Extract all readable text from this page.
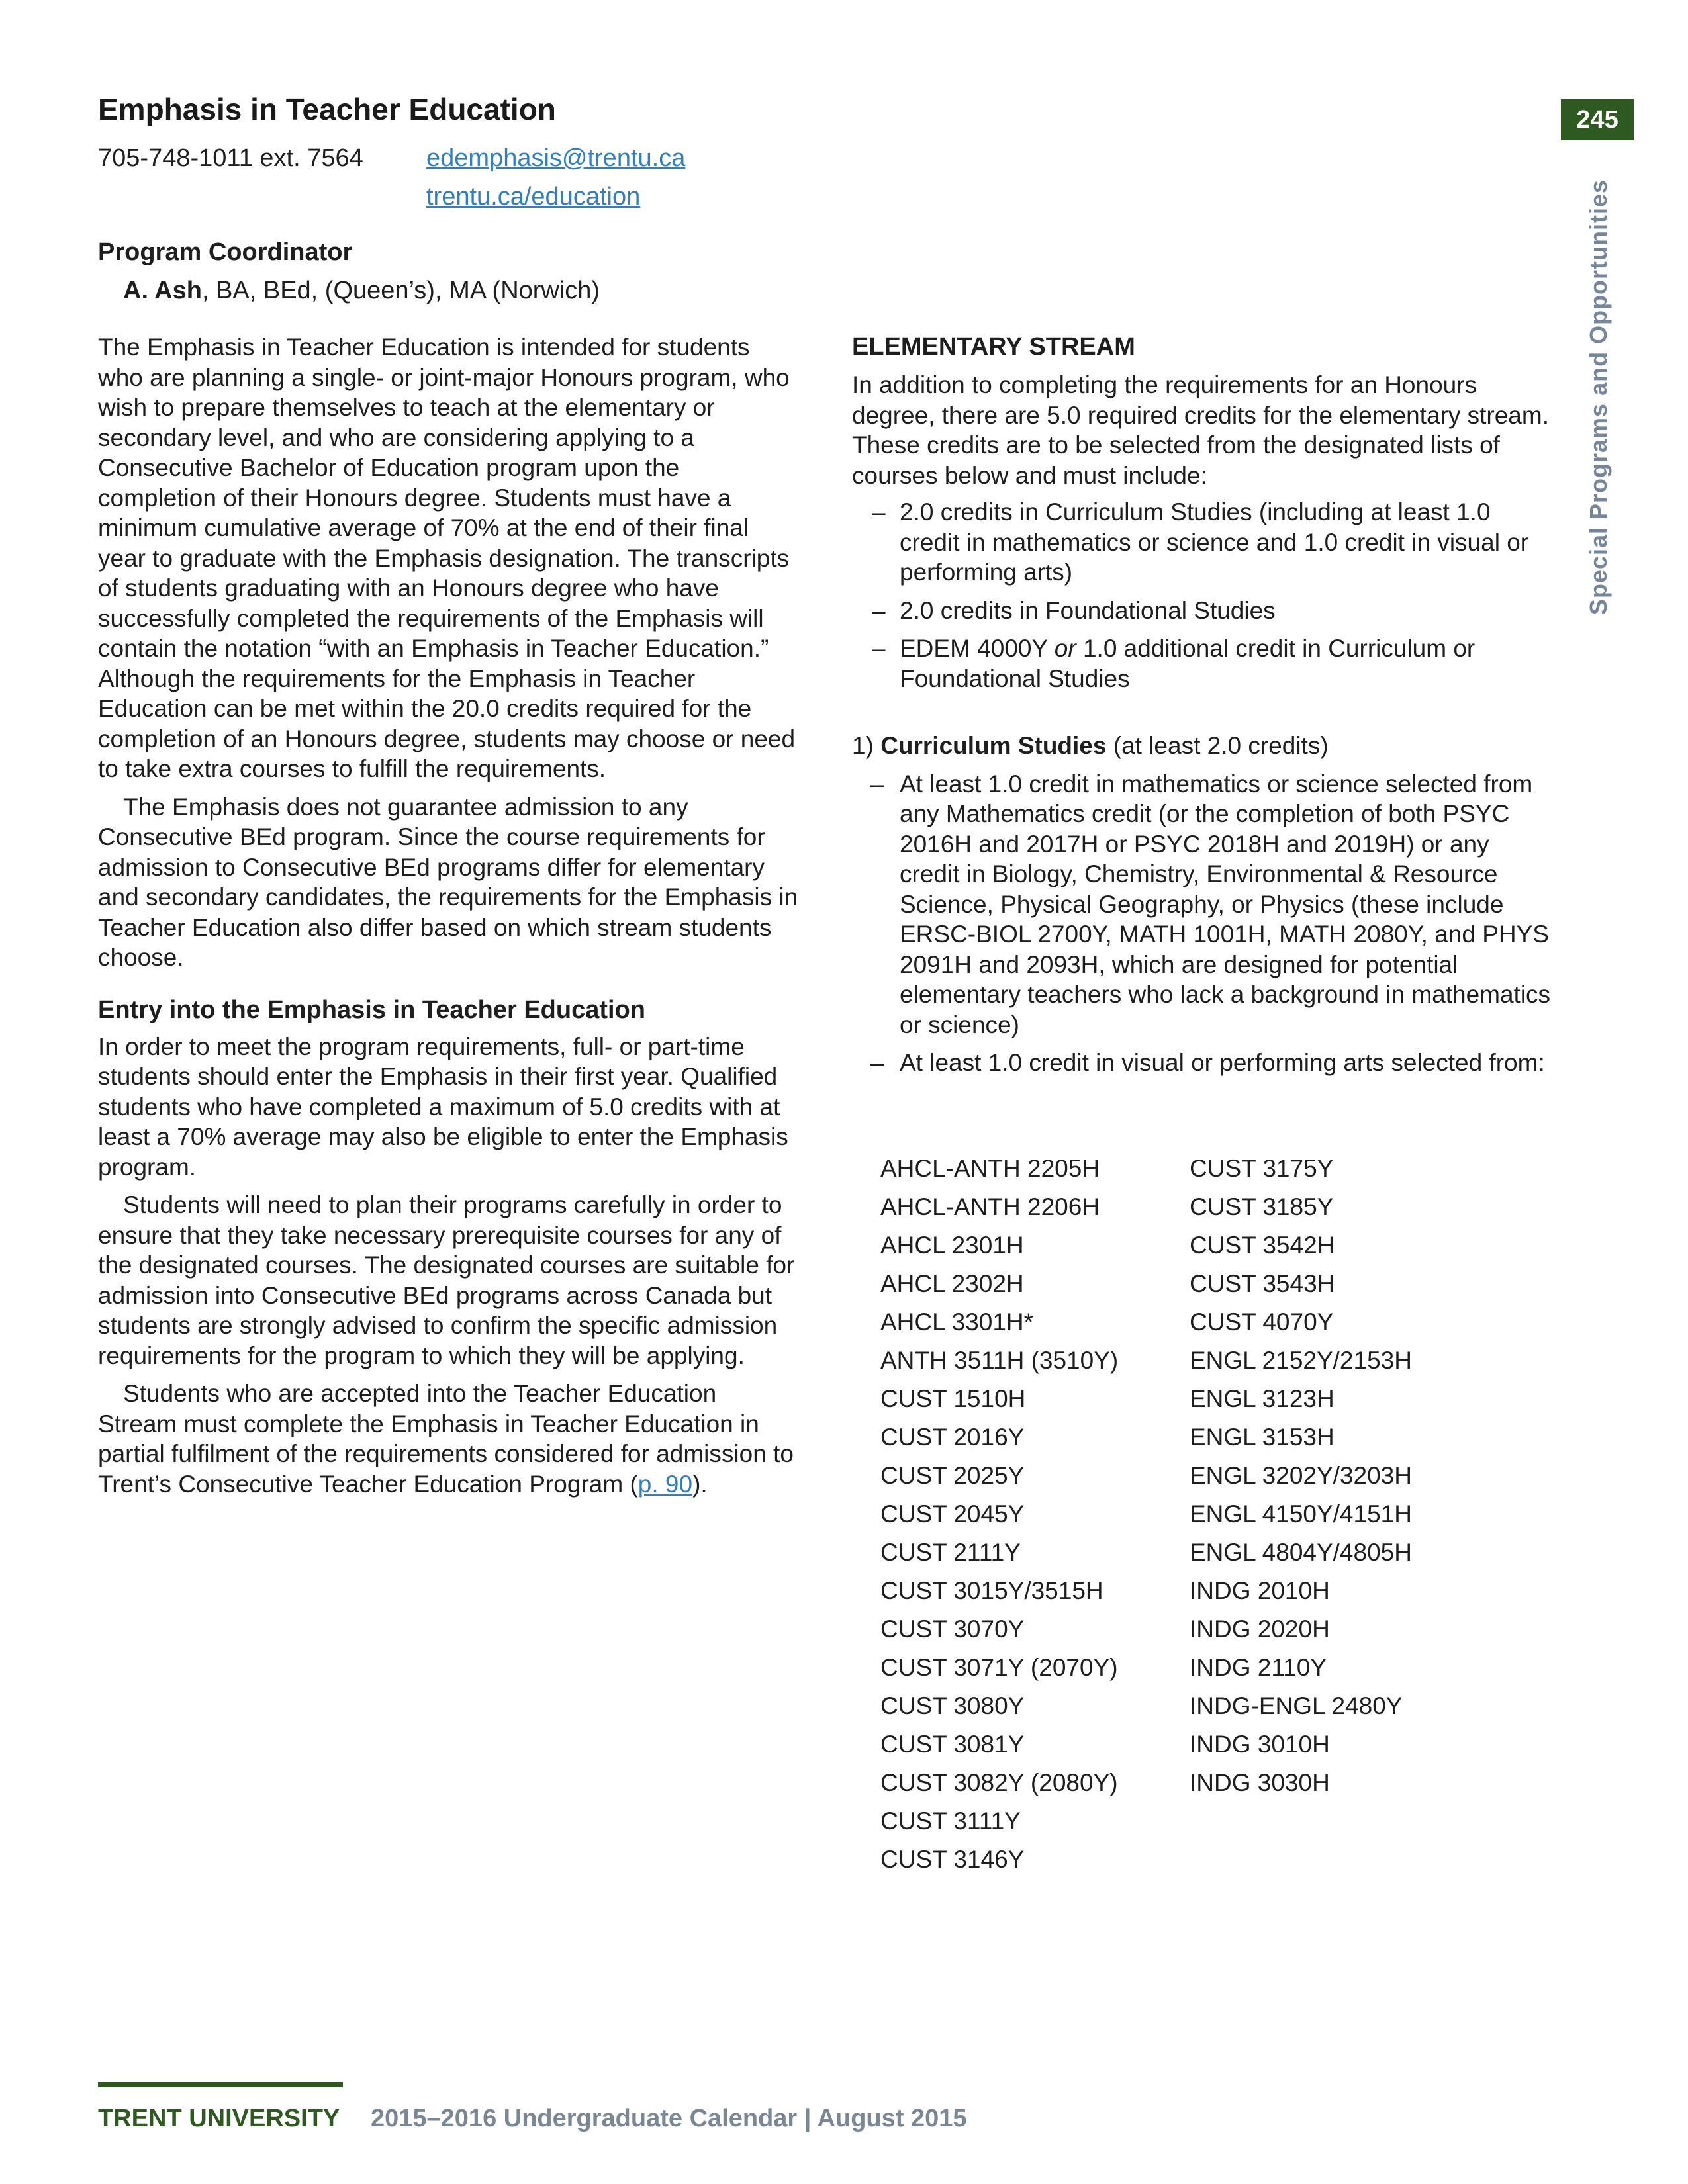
Emphasis in Teacher Education	245
Special Programs and Opportunities
705-748-1011 ext. 7564	edemphasis@trentu.ca
trentu.ca/education
Program Coordinator
A. Ash, BA, BEd, (Queen’s), MA (Norwich)
The Emphasis in Teacher Education is intended for students who are planning a single- or joint-major Honours program, who wish to prepare themselves to teach at the elementary or secondary level, and who are considering applying to a Consecutive Bachelor of Education program upon the completion of their Honours degree. Students must have a minimum cumulative average of 70% at the end of their final year to graduate with the Emphasis designation. The transcripts of students graduating with an Honours degree who have successfully completed the requirements of the Emphasis will contain the notation “with an Emphasis in Teacher Education.” Although the requirements for the Emphasis in Teacher Education can be met within the 20.0 credits required for the completion of an Honours degree, students may choose or need to take extra courses to fulfill the requirements.
The Emphasis does not guarantee admission to any Consecutive BEd program. Since the course requirements for admission to Consecutive BEd programs differ for elementary and secondary candidates, the requirements for the Emphasis in Teacher Education also differ based on which stream students choose.
Entry into the Emphasis in Teacher Education
In order to meet the program requirements, full- or part-time students should enter the Emphasis in their first year. Qualified students who have completed a maximum of 5.0 credits with at least a 70% average may also be eligible to enter the Emphasis program.
Students will need to plan their programs carefully in order to ensure that they take necessary prerequisite courses for any of the designated courses. The designated courses are suitable for admission into Consecutive BEd programs across Canada but students are strongly advised to confirm the specific admission requirements for the program to which they will be applying.
Students who are accepted into the Teacher Education Stream must complete the Emphasis in Teacher Education in partial fulfilment of the requirements considered for admission to Trent’s Consecutive Teacher Education Program (p. 90).
ELEMENTARY STREAM
In addition to completing the requirements for an Honours degree, there are 5.0 required credits for the elementary stream. These credits are to be selected from the designated lists of courses below and must include:
– 2.0 credits in Curriculum Studies (including at least 1.0 credit in mathematics or science and 1.0 credit in visual or performing arts)
– 2.0 credits in Foundational Studies
– EDEM 4000Y or 1.0 additional credit in Curriculum or Foundational Studies
1) Curriculum Studies (at least 2.0 credits)
– At least 1.0 credit in mathematics or science selected from any Mathematics credit (or the completion of both PSYC 2016H and 2017H or PSYC 2018H and 2019H) or any credit in Biology, Chemistry, Environmental & Resource Science, Physical Geography, or Physics (these include ERSC-BIOL 2700Y, MATH 1001H, MATH 2080Y, and PHYS 2091H and 2093H, which are designed for potential elementary teachers who lack a background in mathematics or science)
– At least 1.0 credit in visual or performing arts selected from:
AHCL-ANTH 2205H
AHCL-ANTH 2206H
AHCL 2301H
AHCL 2302H
AHCL 3301H*
ANTH 3511H (3510Y)
CUST 1510H
CUST 2016Y
CUST 2025Y
CUST 2045Y
CUST 2111Y
CUST 3015Y/3515H
CUST 3070Y
CUST 3071Y (2070Y)
CUST 3080Y
CUST 3081Y
CUST 3082Y (2080Y)
CUST 3111Y
CUST 3146Y
CUST 3175Y
CUST 3185Y
CUST 3542H
CUST 3543H
CUST 4070Y
ENGL 2152Y/2153H
ENGL 3123H
ENGL 3153H
ENGL 3202Y/3203H
ENGL 4150Y/4151H
ENGL 4804Y/4805H
INDG 2010H
INDG 2020H
INDG 2110Y
INDG-ENGL 2480Y
INDG 3010H
INDG 3030H
TRENT UNIVERSITY 2015–2016 Undergraduate Calendar | August 2015
